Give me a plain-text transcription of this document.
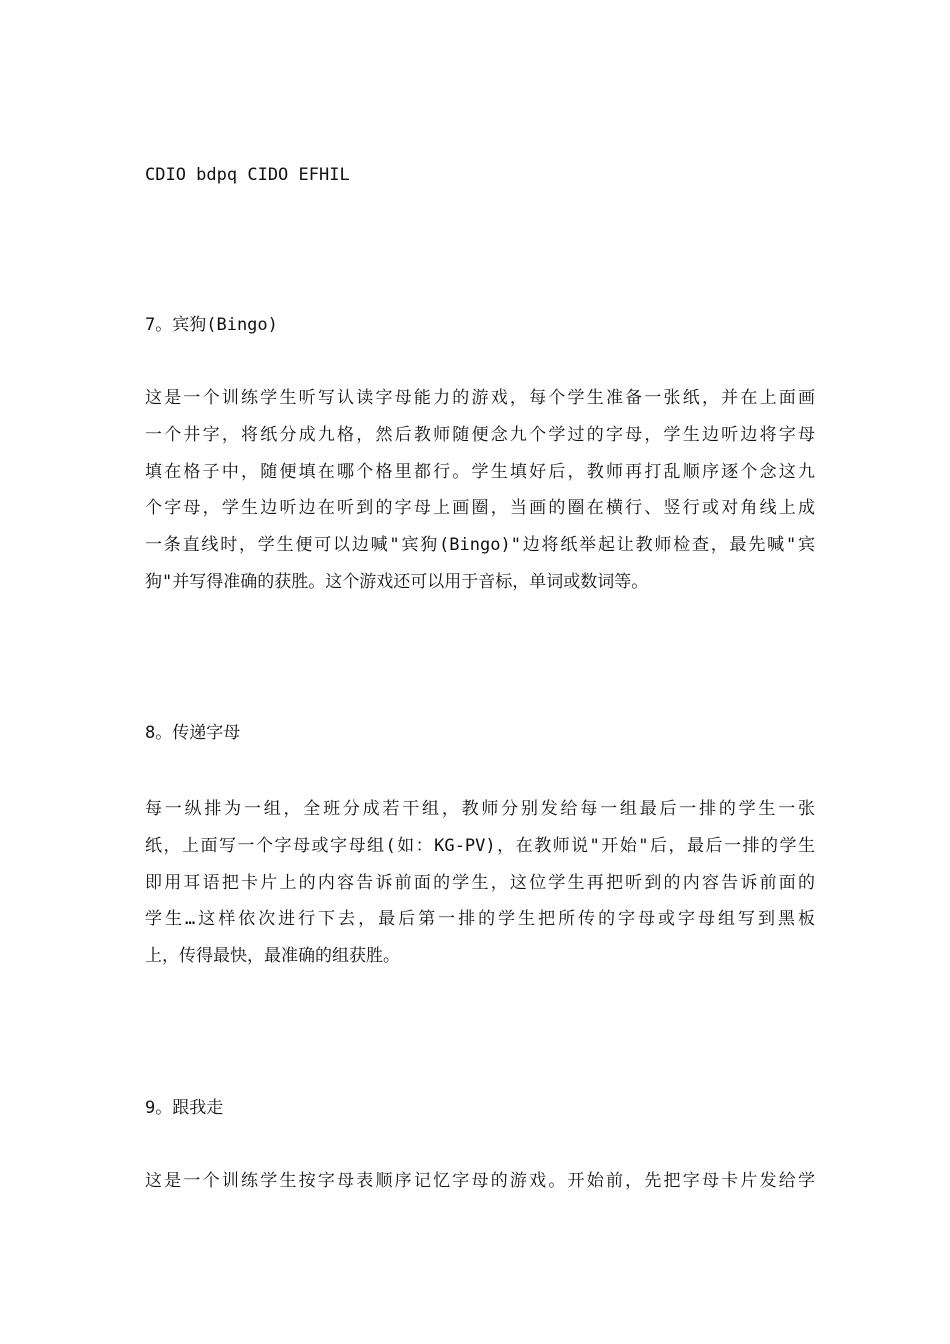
CDIO bdpq CIDO EFHIL
7。宾狗(Bingo)

这是一个训练学生听写认读字母能力的游戏，每个学生准备一张纸，并在上面画
一个井字，将纸分成九格，然后教师随便念九个学过的字母，学生边听边将字母
填在格子中，随便填在哪个格里都行。学生填好后，教师再打乱顺序逐个念这九
个字母，学生边听边在听到的字母上画圈，当画的圈在横行、竖行或对角线上成
一条直线时，学生便可以边喊"宾狗(Bingo)"边将纸举起让教师检查，最先喊"宾
狗"并写得准确的获胜。这个游戏还可以用于音标，单词或数词等。

8。传递字母

每一纵排为一组，全班分成若干组，教师分别发给每一组最后一排的学生一张
纸，上面写一个字母或字母组(如：KG-PV)，在教师说"开始"后，最后一排的学生
即用耳语把卡片上的内容告诉前面的学生，这位学生再把听到的内容告诉前面的
学生…这样依次进行下去，最后第一排的学生把所传的字母或字母组写到黑板
上，传得最快，最准确的组获胜。

9。跟我走

这是一个训练学生按字母表顺序记忆字母的游戏。开始前，先把字母卡片发给学
